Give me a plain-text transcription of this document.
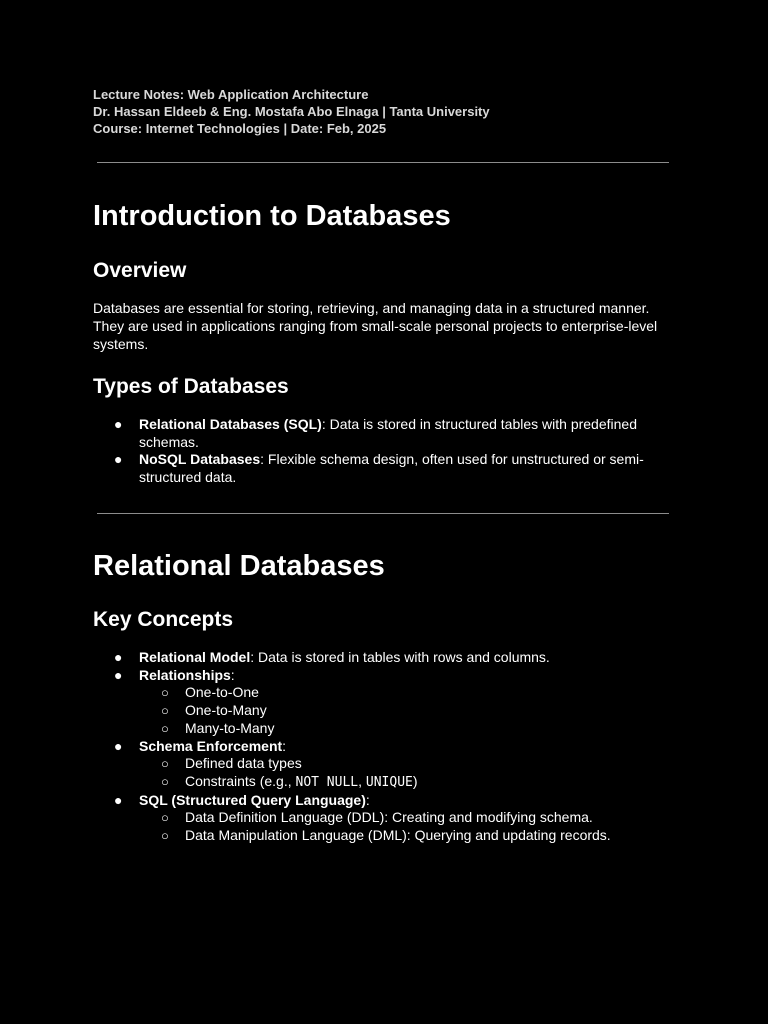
Lecture Notes: Web Application Architecture
Dr. Hassan Eldeeb & Eng. Mostafa Abo Elnaga | Tanta University
Course: Internet Technologies | Date: Feb, 2025
Introduction to Databases
Overview

Databases are essential for storing, retrieving, and managing data in a structured manner. They are used in applications ranging from small-scale personal projects to enterprise-level systems.

Types of Databases
● Relational Databases (SQL): Data is stored in structured tables with predefined schemas.
● NoSQL Databases: Flexible schema design, often used for unstructured or semi-structured data.
Relational Databases
Key Concepts
● Relational Model: Data is stored in tables with rows and columns.
● Relationships:
○ One-to-One
○ One-to-Many
○ Many-to-Many
● Schema Enforcement:
○ Defined data types
○ Constraints (e.g., NOT NULL, UNIQUE)
● SQL (Structured Query Language):
○ Data Definition Language (DDL): Creating and modifying schema.
○ Data Manipulation Language (DML): Querying and updating records.
